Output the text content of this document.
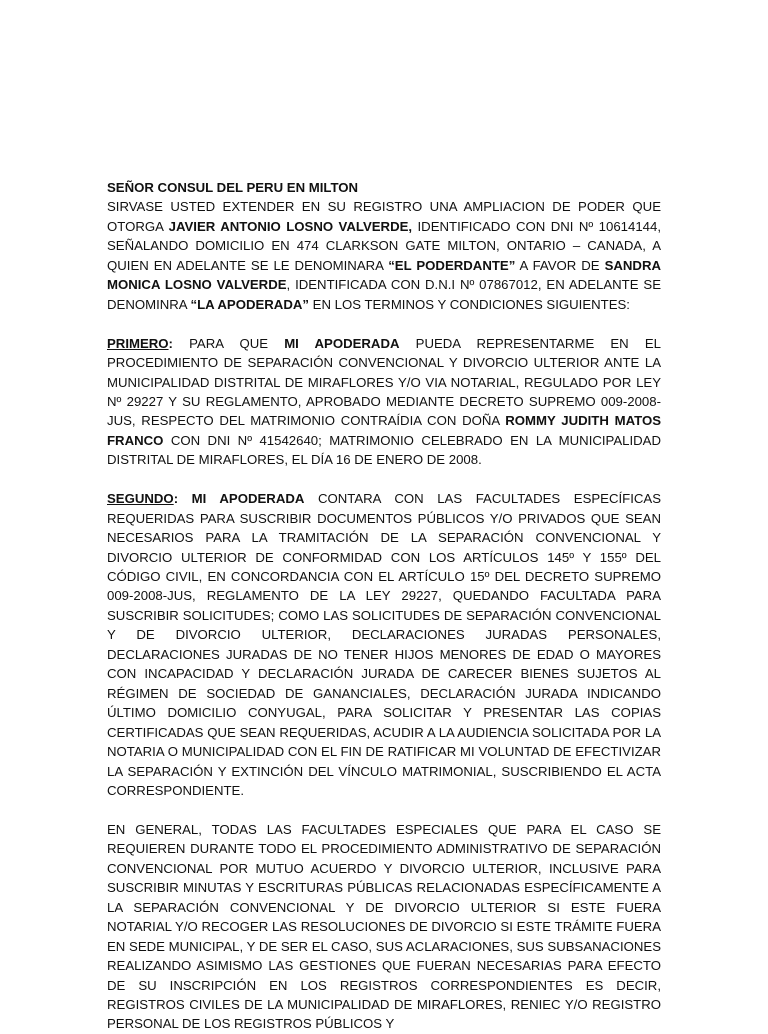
SEÑOR CONSUL DEL PERU EN MILTON

SIRVASE USTED EXTENDER EN SU REGISTRO UNA AMPLIACION DE PODER QUE OTORGA JAVIER ANTONIO LOSNO VALVERDE, IDENTIFICADO CON DNI Nº 10614144, SEÑALANDO DOMICILIO EN 474 CLARKSON GATE MILTON, ONTARIO – CANADA, A QUIEN EN ADELANTE SE LE DENOMINARA “EL PODERDANTE” A FAVOR DE SANDRA MONICA LOSNO VALVERDE, IDENTIFICADA CON D.N.I Nº 07867012, EN ADELANTE SE DENOMINRA “LA APODERADA” EN LOS TERMINOS Y CONDICIONES SIGUIENTES:

PRIMERO: PARA QUE MI APODERADA PUEDA REPRESENTARME EN EL PROCEDIMIENTO DE SEPARACIÓN CONVENCIONAL Y DIVORCIO ULTERIOR ANTE LA MUNICIPALIDAD DISTRITAL DE MIRAFLORES Y/O VIA NOTARIAL, REGULADO POR LEY Nº 29227 Y SU REGLAMENTO, APROBADO MEDIANTE DECRETO SUPREMO 009-2008-JUS, RESPECTO DEL MATRIMONIO CONTRAÍDIA CON DOÑA ROMMY JUDITH MATOS FRANCO CON DNI Nº 41542640; MATRIMONIO CELEBRADO EN LA MUNICIPALIDAD DISTRITAL DE MIRAFLORES, EL DÍA 16 DE ENERO DE 2008.

SEGUNDO: MI APODERADA CONTARA CON LAS FACULTADES ESPECÍFICAS REQUERIDAS PARA SUSCRIBIR DOCUMENTOS PÚBLICOS Y/O PRIVADOS QUE SEAN NECESARIOS PARA LA TRAMITACIÓN DE LA SEPARACIÓN CONVENCIONAL Y DIVORCIO ULTERIOR DE CONFORMIDAD CON LOS ARTÍCULOS 145º Y 155º DEL CÓDIGO CIVIL, EN CONCORDANCIA CON EL ARTÍCULO 15º DEL DECRETO SUPREMO 009-2008-JUS, REGLAMENTO DE LA LEY 29227, QUEDANDO FACULTADA PARA SUSCRIBIR SOLICITUDES; COMO LAS SOLICITUDES DE SEPARACIÓN CONVENCIONAL Y DE DIVORCIO ULTERIOR, DECLARACIONES JURADAS PERSONALES, DECLARACIONES JURADAS DE NO TENER HIJOS MENORES DE EDAD O MAYORES CON INCAPACIDAD Y DECLARACIÓN JURADA DE CARECER BIENES SUJETOS AL RÉGIMEN DE SOCIEDAD DE GANANCIALES, DECLARACIÓN JURADA INDICANDO ÚLTIMO DOMICILIO CONYUGAL, PARA SOLICITAR Y PRESENTAR LAS COPIAS CERTIFICADAS QUE SEAN REQUERIDAS, ACUDIR A LA AUDIENCIA SOLICITADA POR LA NOTARIA O MUNICIPALIDAD CON EL FIN DE RATIFICAR MI VOLUNTAD DE EFECTIVIZAR LA SEPARACIÓN Y EXTINCIÓN DEL VÍNCULO MATRIMONIAL, SUSCRIBIENDO EL ACTA CORRESPONDIENTE.

EN GENERAL, TODAS LAS FACULTADES ESPECIALES QUE PARA EL CASO SE REQUIEREN DURANTE TODO EL PROCEDIMIENTO ADMINISTRATIVO DE SEPARACIÓN CONVENCIONAL POR MUTUO ACUERDO Y DIVORCIO ULTERIOR, INCLUSIVE PARA SUSCRIBIR MINUTAS Y ESCRITURAS PÚBLICAS RELACIONADAS ESPECÍFICAMENTE A LA SEPARACIÓN CONVENCIONAL Y DE DIVORCIO ULTERIOR SI ESTE FUERA NOTARIAL Y/O RECOGER LAS RESOLUCIONES DE DIVORCIO SI ESTE TRÁMITE FUERA EN SEDE MUNICIPAL, Y DE SER EL CASO, SUS ACLARACIONES, SUS SUBSANACIONES REALIZANDO ASIMISMO LAS GESTIONES QUE FUERAN NECESARIAS PARA EFECTO DE SU INSCRIPCIÓN EN LOS REGISTROS CORRESPONDIENTES ES DECIR, REGISTROS CIVILES DE LA MUNICIPALIDAD DE MIRAFLORES, RENIEC Y/O REGISTRO PERSONAL DE LOS REGISTROS PÚBLICOS Y
